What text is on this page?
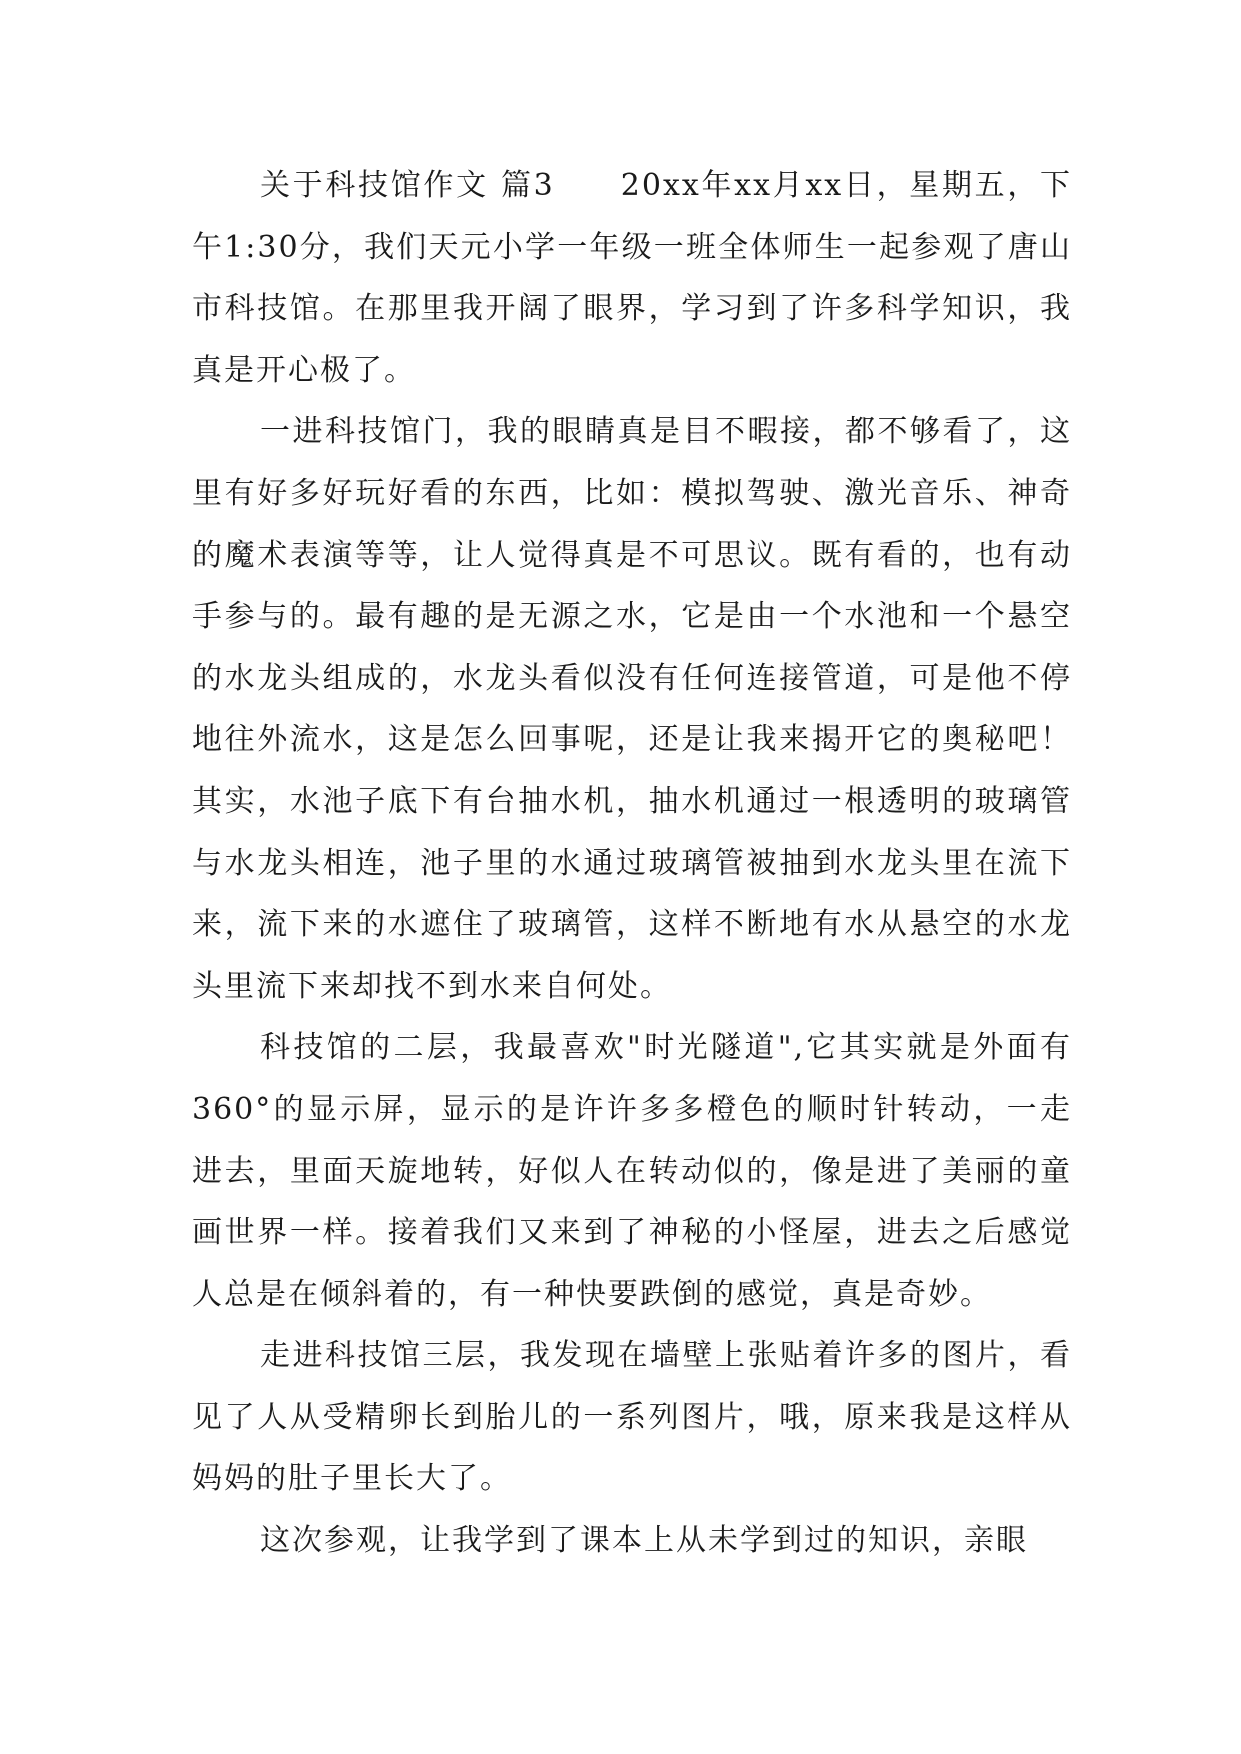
关于科技馆作文 篇3　　20xx年xx月xx日，星期五，下午1:30分，我们天元小学一年级一班全体师生一起参观了唐山市科技馆。在那里我开阔了眼界，学习到了许多科学知识，我真是开心极了。

一进科技馆门，我的眼睛真是目不暇接，都不够看了，这里有好多好玩好看的东西，比如：模拟驾驶、激光音乐、神奇的魔术表演等等，让人觉得真是不可思议。既有看的，也有动手参与的。最有趣的是无源之水，它是由一个水池和一个悬空的水龙头组成的，水龙头看似没有任何连接管道，可是他不停地往外流水，这是怎么回事呢，还是让我来揭开它的奥秘吧！其实，水池子底下有台抽水机，抽水机通过一根透明的玻璃管与水龙头相连，池子里的水通过玻璃管被抽到水龙头里在流下来，流下来的水遮住了玻璃管，这样不断地有水从悬空的水龙头里流下来却找不到水来自何处。

科技馆的二层，我最喜欢"时光隧道",它其实就是外面有360°的显示屏，显示的是许许多多橙色的顺时针转动，一走进去，里面天旋地转，好似人在转动似的，像是进了美丽的童画世界一样。接着我们又来到了神秘的小怪屋，进去之后感觉人总是在倾斜着的，有一种快要跌倒的感觉，真是奇妙。

走进科技馆三层，我发现在墙壁上张贴着许多的图片，看见了人从受精卵长到胎儿的一系列图片，哦，原来我是这样从妈妈的肚子里长大了。

这次参观，让我学到了课本上从未学到过的知识，亲眼
